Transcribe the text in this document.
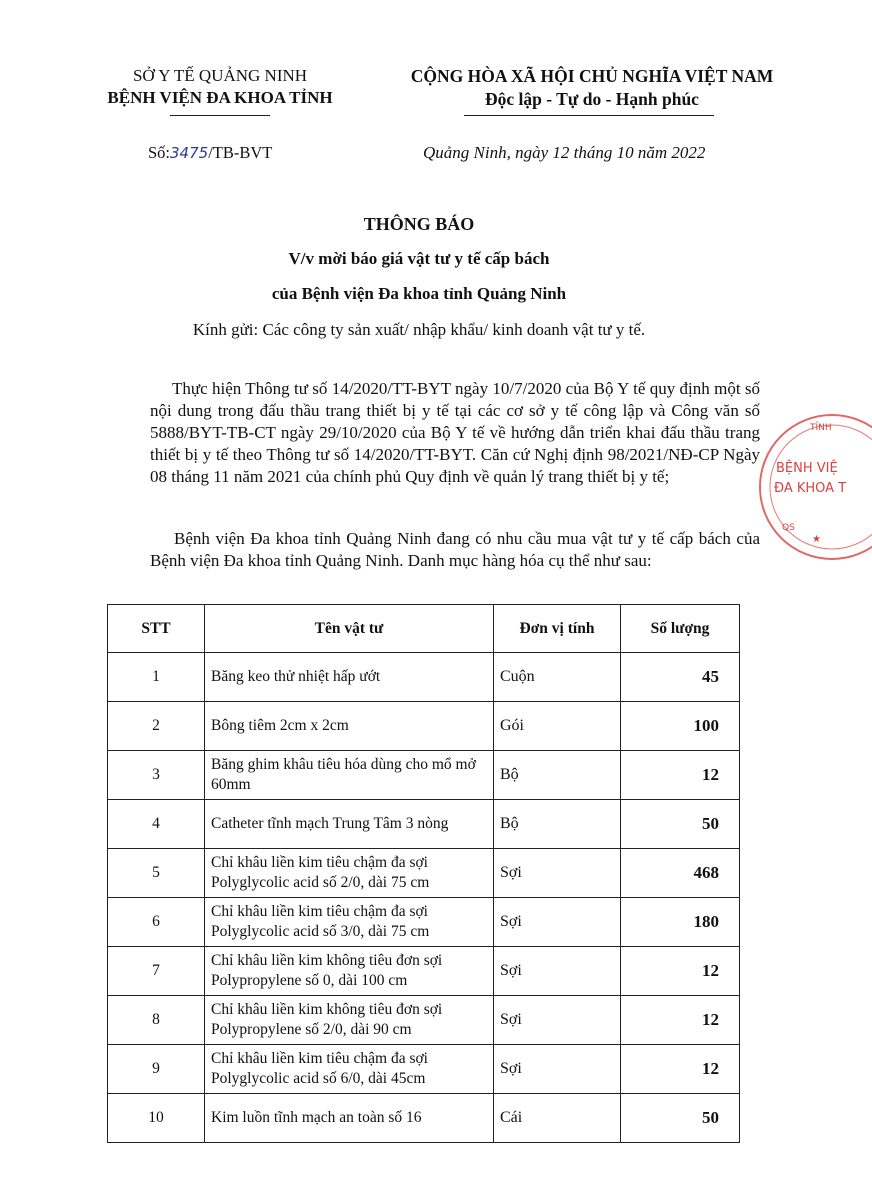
SỞ Y TẾ QUẢNG NINH
BỆNH VIỆN ĐA KHOA TỈNH
CỘNG HÒA XÃ HỘI CHỦ NGHĨA VIỆT NAM
Độc lập - Tự do - Hạnh phúc
Số:3475/TB-BVT	Quảng Ninh, ngày 12 tháng 10 năm 2022
THÔNG BÁO
V/v mời báo giá vật tư y tế cấp bách
của Bệnh viện Đa khoa tỉnh Quảng Ninh
Kính gửi: Các công ty sản xuất/ nhập khẩu/ kinh doanh vật tư y tế.
Thực hiện Thông tư số 14/2020/TT-BYT ngày 10/7/2020 của Bộ Y tế quy định một số nội dung trong đấu thầu trang thiết bị y tế tại các cơ sở y tế công lập và Công văn số 5888/BYT-TB-CT ngày 29/10/2020 của Bộ Y tế về hướng dẫn triển khai đấu thầu trang thiết bị y tế theo Thông tư số 14/2020/TT-BYT. Căn cứ Nghị định 98/2021/NĐ-CP Ngày 08 tháng 11 năm 2021 của chính phủ Quy định về quản lý trang thiết bị y tế;
Bệnh viện Đa khoa tỉnh Quảng Ninh đang có nhu cầu mua vật tư y tế cấp bách của Bệnh viện Đa khoa tỉnh Quảng Ninh. Danh mục hàng hóa cụ thể như sau:
TỈNH
BỆNH VIỆ
ĐA KHOA T
QS
★
STT	Tên vật tư	Đơn vị tính	Số lượng
1	Băng keo thử nhiệt hấp ướt	Cuộn	45
2	Bông tiêm 2cm x 2cm	Gói	100
3	Băng ghim khâu tiêu hóa dùng cho mổ mở 60mm	Bộ	12
4	Catheter tĩnh mạch Trung Tâm 3 nòng	Bộ	50
5	Chỉ khâu liền kim tiêu chậm đa sợi Polyglycolic acid số 2/0, dài 75 cm	Sợi	468
6	Chỉ khâu liền kim tiêu chậm đa sợi Polyglycolic acid số 3/0, dài 75 cm	Sợi	180
7	Chỉ khâu liền kim không tiêu đơn sợi Polypropylene số 0, dài 100 cm	Sợi	12
8	Chỉ khâu liền kim không tiêu đơn sợi Polypropylene số 2/0, dài 90 cm	Sợi	12
9	Chỉ khâu liền kim tiêu chậm đa sợi Polyglycolic acid số 6/0, dài 45cm	Sợi	12
10	Kim luồn tĩnh mạch an toàn số 16	Cái	50
